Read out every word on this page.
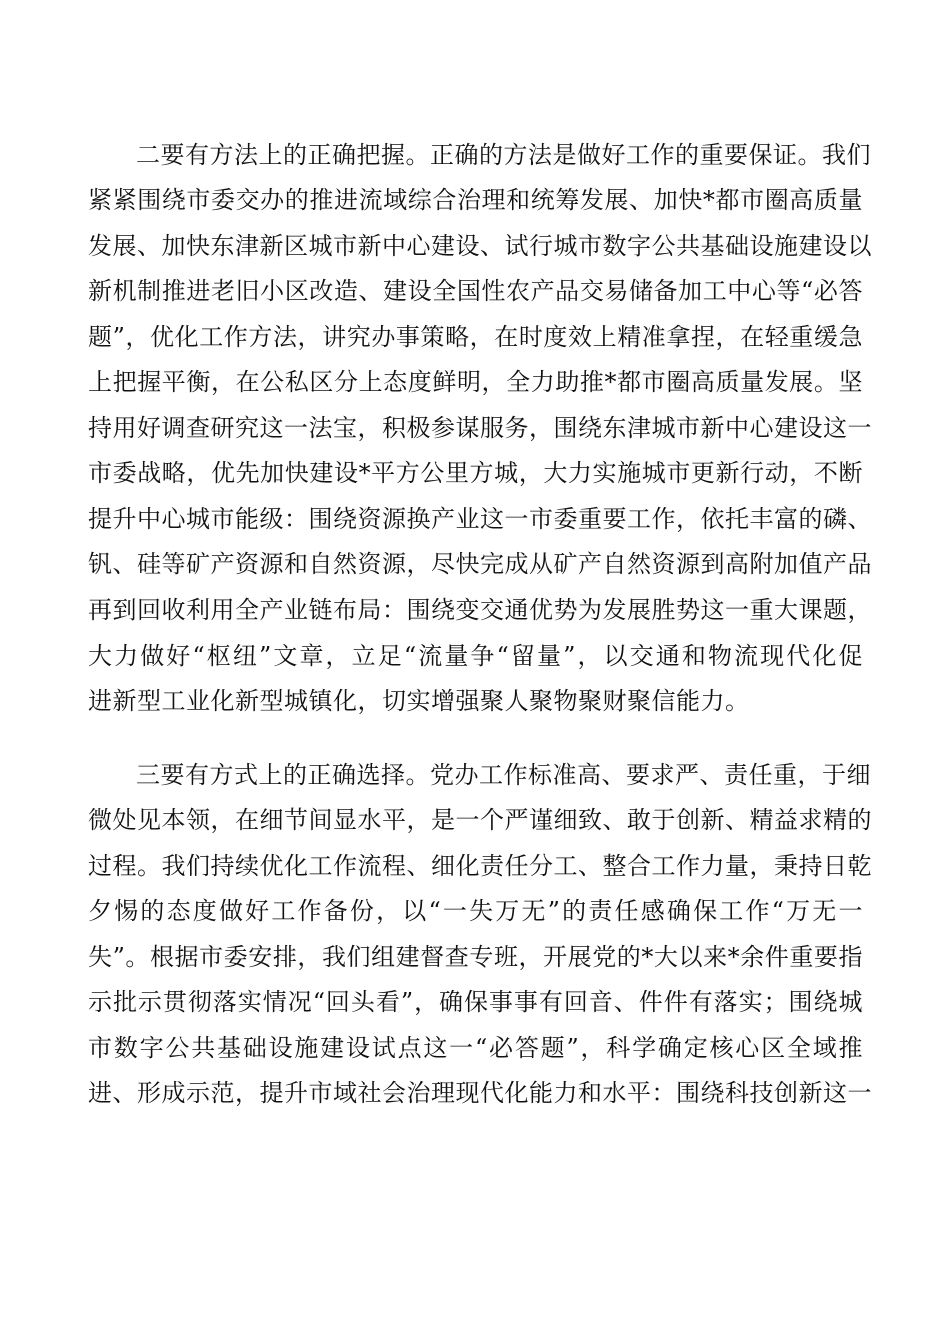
二要有方法上的正确把握。正确的方法是做好工作的重要保证。我们
紧紧围绕市委交办的推进流域综合治理和统筹发展、加快*都市圈高质量
发展、加快东津新区城市新中心建设、试行城市数字公共基础设施建设以
新机制推进老旧小区改造、建设全国性农产品交易储备加工中心等“必答
题”，优化工作方法，讲究办事策略，在时度效上精准拿捏，在轻重缓急
上把握平衡，在公私区分上态度鲜明，全力助推*都市圈高质量发展。坚
持用好调查研究这一法宝，积极参谋服务，围绕东津城市新中心建设这一
市委战略，优先加快建设*平方公里方城，大力实施城市更新行动，不断
提升中心城市能级：围绕资源换产业这一市委重要工作，依托丰富的磷、
钒、硅等矿产资源和自然资源，尽快完成从矿产自然资源到高附加值产品
再到回收利用全产业链布局：围绕变交通优势为发展胜势这一重大课题，
大力做好“枢纽”文章，立足“流量争“留量”，以交通和物流现代化促
进新型工业化新型城镇化，切实增强聚人聚物聚财聚信能力。
三要有方式上的正确选择。党办工作标准高、要求严、责任重，于细
微处见本领，在细节间显水平，是一个严谨细致、敢于创新、精益求精的
过程。我们持续优化工作流程、细化责任分工、整合工作力量，秉持日乾
夕惕的态度做好工作备份，以“一失万无”的责任感确保工作“万无一
失”。根据市委安排，我们组建督查专班，开展党的*大以来*余件重要指
示批示贯彻落实情况“回头看”，确保事事有回音、件件有落实；围绕城
市数字公共基础设施建设试点这一“必答题”，科学确定核心区全域推
进、形成示范，提升市域社会治理现代化能力和水平：围绕科技创新这一
